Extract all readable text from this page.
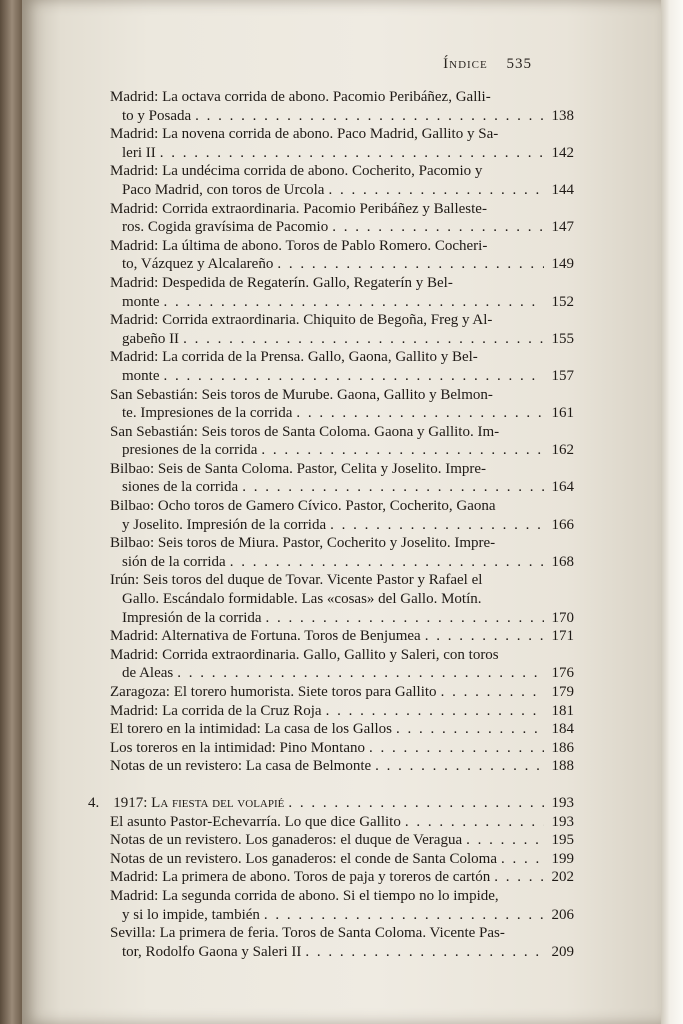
Índice 535
Madrid: La octava corrida de abono. Pacomio Peribáñez, Galli-
to y Posada . . .	138
Madrid: La novena corrida de abono. Paco Madrid, Gallito y Sa-
leri II . . .	142
Madrid: La undécima corrida de abono. Cocherito, Pacomio y
Paco Madrid, con toros de Urcola . . .	144
Madrid: Corrida extraordinaria. Pacomio Peribáñez y Balleste-
ros. Cogida gravísima de Pacomio . . .	147
Madrid: La última de abono. Toros de Pablo Romero. Cocheri-
to, Vázquez y Alcalareño . . .	149
Madrid: Despedida de Regaterín. Gallo, Regaterín y Bel-
monte . . .	152
Madrid: Corrida extraordinaria. Chiquito de Begoña, Freg y Al-
gabeño II . . .	155
Madrid: La corrida de la Prensa. Gallo, Gaona, Gallito y Bel-
monte . . .	157
San Sebastián: Seis toros de Murube. Gaona, Gallito y Belmon-
te. Impresiones de la corrida . . .	161
San Sebastián: Seis toros de Santa Coloma. Gaona y Gallito. Im-
presiones de la corrida . . .	162
Bilbao: Seis de Santa Coloma. Pastor, Celita y Joselito. Impre-
siones de la corrida . . .	164
Bilbao: Ocho toros de Gamero Cívico. Pastor, Cocherito, Gaona
y Joselito. Impresión de la corrida . . .	166
Bilbao: Seis toros de Miura. Pastor, Cocherito y Joselito. Impre-
sión de la corrida . . .	168
Irún: Seis toros del duque de Tovar. Vicente Pastor y Rafael el
Gallo. Escándalo formidable. Las «cosas» del Gallo. Motín.
Impresión de la corrida . . .	170
Madrid: Alternativa de Fortuna. Toros de Benjumea . . .	171
Madrid: Corrida extraordinaria. Gallo, Gallito y Saleri, con toros
de Aleas . . .	176
Zaragoza: El torero humorista. Siete toros para Gallito . . .	179
Madrid: La corrida de la Cruz Roja . . .	181
El torero en la intimidad: La casa de los Gallos . . .	184
Los toreros en la intimidad: Pino Montano . . .	186
Notas de un revistero: La casa de Belmonte . . .	188
4. 1917: La fiesta del volapié . . .	193
El asunto Pastor-Echevarría. Lo que dice Gallito . . .	193
Notas de un revistero. Los ganaderos: el duque de Veragua . . .	195
Notas de un revistero. Los ganaderos: el conde de Santa Coloma . . .	199
Madrid: La primera de abono. Toros de paja y toreros de cartón . . .	202
Madrid: La segunda corrida de abono. Si el tiempo no lo impide,
y si lo impide, también . . .	206
Sevilla: La primera de feria. Toros de Santa Coloma. Vicente Pas-
tor, Rodolfo Gaona y Saleri II . . .	209
